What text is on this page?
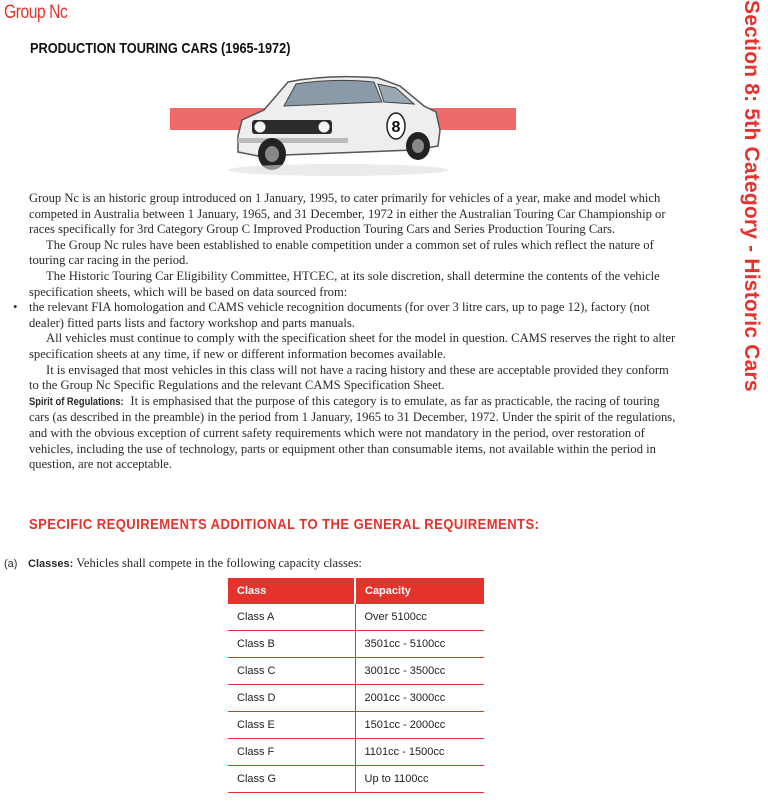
Group Nc
PRODUCTION TOURING CARS (1965-1972)	Section 8: 5th Category - Historic Cars
8

Group Nc is an historic group introduced on 1 January, 1995, to cater primarily for vehicles of a year, make and model which competed in Australia between 1 January, 1965, and 31 December, 1972 in either the Australian Touring Car Championship or races specifically for 3rd Category Group C Improved Production Touring Cars and Series Production Touring Cars.

The Group Nc rules have been established to enable competition under a common set of rules which reflect the nature of touring car racing in the period.

The Historic Touring Car Eligibility Committee, HTCEC, at its sole discretion, shall determine the contents of the vehicle specification sheets, which will be based on data sourced from:

• the relevant FIA homologation and CAMS vehicle recognition documents (for over 3 litre cars, up to page 12), factory (not dealer) fitted parts lists and factory workshop and parts manuals.

All vehicles must continue to comply with the specification sheet for the model in question. CAMS reserves the right to alter specification sheets at any time, if new or different information becomes available.

It is envisaged that most vehicles in this class will not have a racing history and these are acceptable provided they conform to the Group Nc Specific Regulations and the relevant CAMS Specification Sheet.

Spirit of Regulations: It is emphasised that the purpose of this category is to emulate, as far as practicable, the racing of touring cars (as described in the preamble) in the period from 1 January, 1965 to 31 December, 1972. Under the spirit of the regulations, and with the obvious exception of current safety requirements which were not mandatory in the period, over restoration of vehicles, including the use of technology, parts or equipment other than consumable items, not available within the period in question, are not acceptable.

SPECIFIC REQUIREMENTS ADDITIONAL TO THE GENERAL REQUIREMENTS:
(a) Classes: Vehicles shall compete in the following capacity classes:
Class	Capacity
Class A	Over 5100cc
Class B	3501cc - 5100cc
Class C	3001cc - 3500cc
Class D	2001cc - 3000cc
Class E	1501cc - 2000cc
Class F	1101cc - 1500cc
Class G	Up to 1100cc
